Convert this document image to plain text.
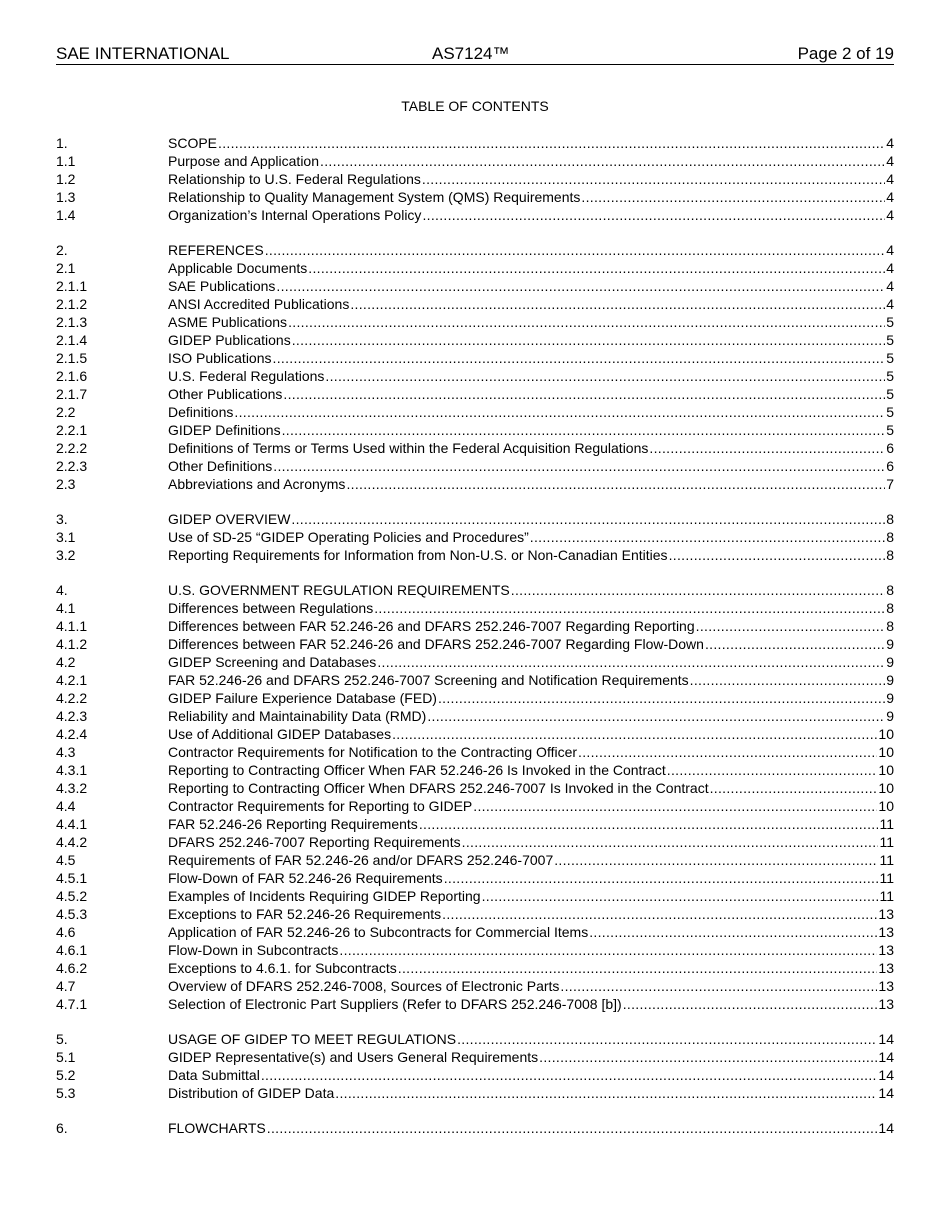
SAE INTERNATIONAL	AS7124™	Page 2 of 19
TABLE OF CONTENTS
1.	SCOPE .....	4
1.1	Purpose and Application .....	4
1.2	Relationship to U.S. Federal Regulations .....	4
1.3	Relationship to Quality Management System (QMS) Requirements .....	4
1.4	Organization’s Internal Operations Policy .....	4
2.	REFERENCES .....	4
2.1	Applicable Documents .....	4
2.1.1	SAE Publications .....	4
2.1.2	ANSI Accredited Publications .....	4
2.1.3	ASME Publications .....	5
2.1.4	GIDEP Publications .....	5
2.1.5	ISO Publications .....	5
2.1.6	U.S. Federal Regulations .....	5
2.1.7	Other Publications .....	5
2.2	Definitions .....	5
2.2.1	GIDEP Definitions .....	5
2.2.2	Definitions of Terms or Terms Used within the Federal Acquisition Regulations .....	6
2.2.3	Other Definitions .....	6
2.3	Abbreviations and Acronyms .....	7
3.	GIDEP OVERVIEW .....	8
3.1	Use of SD-25 “GIDEP Operating Policies and Procedures” .....	8
3.2	Reporting Requirements for Information from Non-U.S. or Non-Canadian Entities .....	8
4.	U.S. GOVERNMENT REGULATION REQUIREMENTS .....	8
4.1	Differences between Regulations .....	8
4.1.1	Differences between FAR 52.246-26 and DFARS 252.246-7007 Regarding Reporting .....	8
4.1.2	Differences between FAR 52.246-26 and DFARS 252.246-7007 Regarding Flow-Down .....	9
4.2	GIDEP Screening and Databases .....	9
4.2.1	FAR 52.246-26 and DFARS 252.246-7007 Screening and Notification Requirements .....	9
4.2.2	GIDEP Failure Experience Database (FED) .....	9
4.2.3	Reliability and Maintainability Data (RMD) .....	9
4.2.4	Use of Additional GIDEP Databases .....	10
4.3	Contractor Requirements for Notification to the Contracting Officer .....	10
4.3.1	Reporting to Contracting Officer When FAR 52.246-26 Is Invoked in the Contract .....	10
4.3.2	Reporting to Contracting Officer When DFARS 252.246-7007 Is Invoked in the Contract .....	10
4.4	Contractor Requirements for Reporting to GIDEP .....	10
4.4.1	FAR 52.246-26 Reporting Requirements .....	11
4.4.2	DFARS 252.246-7007 Reporting Requirements .....	11
4.5	Requirements of FAR 52.246-26 and/or DFARS 252.246-7007 .....	11
4.5.1	Flow-Down of FAR 52.246-26 Requirements .....	11
4.5.2	Examples of Incidents Requiring GIDEP Reporting .....	11
4.5.3	Exceptions to FAR 52.246-26 Requirements .....	13
4.6	Application of FAR 52.246-26 to Subcontracts for Commercial Items .....	13
4.6.1	Flow-Down in Subcontracts .....	13
4.6.2	Exceptions to 4.6.1. for Subcontracts .....	13
4.7	Overview of DFARS 252.246-7008, Sources of Electronic Parts .....	13
4.7.1	Selection of Electronic Part Suppliers (Refer to DFARS 252.246-7008 [b]) .....	13
5.	USAGE OF GIDEP TO MEET REGULATIONS .....	14
5.1	GIDEP Representative(s) and Users General Requirements .....	14
5.2	Data Submittal .....	14
5.3	Distribution of GIDEP Data .....	14
6.	FLOWCHARTS .....	14
